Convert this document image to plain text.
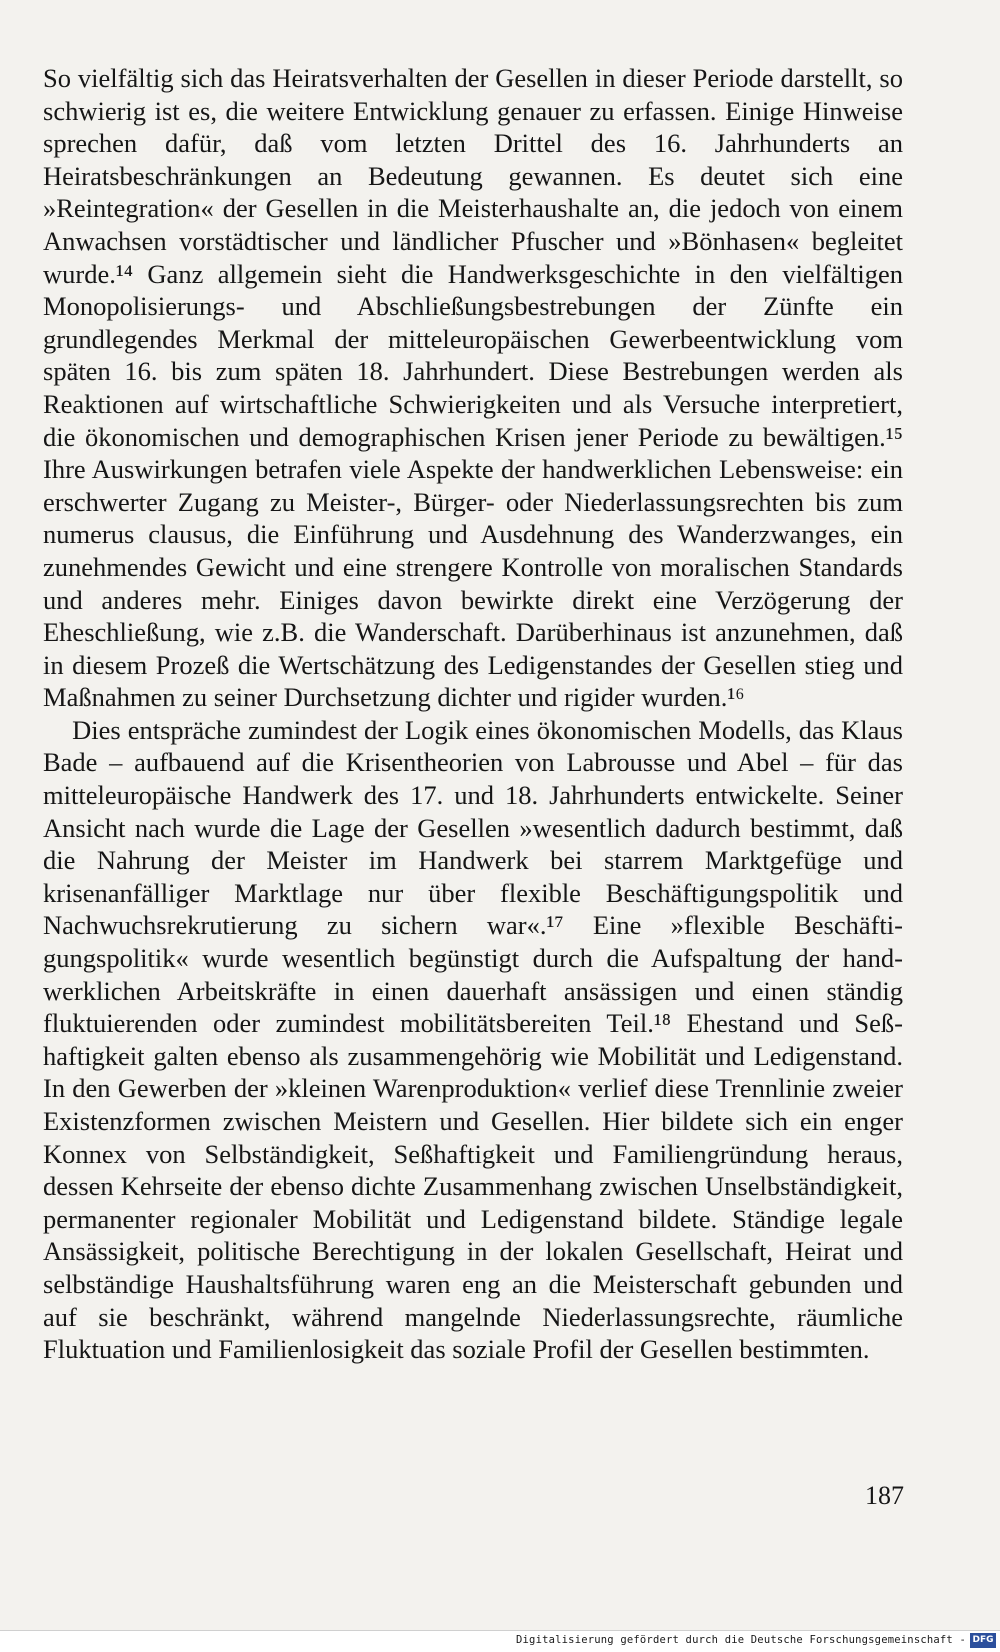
So vielfältig sich das Heiratsverhalten der Gesellen in dieser Periode darstellt, so schwierig ist es, die weitere Entwicklung genauer zu erfassen. Einige Hinweise sprechen dafür, daß vom letzten Drittel des 16. Jahrhunderts an Heiratsbeschränkungen an Bedeutung gewannen. Es deutet sich eine »Reintegration« der Gesellen in die Meisterhaushalte an, die jedoch von einem Anwachsen vorstädtischer und ländlicher Pfuscher und »Bönhasen« begleitet wurde.¹⁴ Ganz allgemein sieht die Handwerksgeschichte in den vielfältigen Monopolisierungs- und Abschließungsbestrebungen der Zünfte ein grundlegendes Merkmal der mitteleuropäischen Gewerbeentwicklung vom späten 16. bis zum späten 18. Jahrhundert. Diese Bestrebungen werden als Reaktionen auf wirtschaftliche Schwierigkeiten und als Versuche interpretiert, die ökonomischen und demographischen Krisen jener Periode zu bewältigen.¹⁵ Ihre Auswirkungen betrafen viele Aspekte der handwerklichen Lebensweise: ein erschwerter Zugang zu Meister-, Bürger- oder Niederlassungsrechten bis zum numerus clausus, die Einführung und Ausdehnung des Wanderzwanges, ein zunehmendes Gewicht und eine strengere Kontrolle von moralischen Standards und anderes mehr. Einiges davon bewirkte direkt eine Verzögerung der Eheschließung, wie z.B. die Wanderschaft. Darüberhinaus ist anzunehmen, daß in diesem Prozeß die Wertschätzung des Ledigenstandes der Gesellen stieg und Maßnahmen zu seiner Durchsetzung dichter und rigider wurden.¹⁶

Dies entspräche zumindest der Logik eines ökonomischen Modells, das Klaus Bade – aufbauend auf die Krisentheorien von Labrousse und Abel – für das mitteleuropäische Handwerk des 17. und 18. Jahrhunderts entwickelte. Seiner Ansicht nach wurde die Lage der Gesellen »wesentlich dadurch bestimmt, daß die Nahrung der Meister im Handwerk bei starrem Marktgefüge und krisenanfälliger Marktlage nur über flexible Beschäftigungspolitik und Nachwuchsrekrutierung zu sichern war«.¹⁷ Eine »flexible Beschäftigungspolitik« wurde wesentlich begünstigt durch die Aufspaltung der handwerklichen Arbeitskräfte in einen dauerhaft ansässigen und einen ständig fluktuierenden oder zumindest mobilitätsbereiten Teil.¹⁸ Ehestand und Seßhaftigkeit galten ebenso als zusammengehörig wie Mobilität und Ledigenstand. In den Gewerben der »kleinen Warenproduktion« verlief diese Trennlinie zweier Existenzformen zwischen Meistern und Gesellen. Hier bildete sich ein enger Konnex von Selbständigkeit, Seßhaftigkeit und Familiengründung heraus, dessen Kehrseite der ebenso dichte Zusammenhang zwischen Unselbständigkeit, permanenter regionaler Mobilität und Ledigenstand bildete. Ständige legale Ansässigkeit, politische Berechtigung in der lokalen Gesellschaft, Heirat und selbständige Haushaltsführung waren eng an die Meisterschaft gebunden und auf sie beschränkt, während mangelnde Niederlassungsrechte, räumliche Fluktuation und Familienlosigkeit das soziale Profil der Gesellen bestimmten.

187
Digitalisierung gefördert durch die Deutsche Forschungsgemeinschaft - DFG
